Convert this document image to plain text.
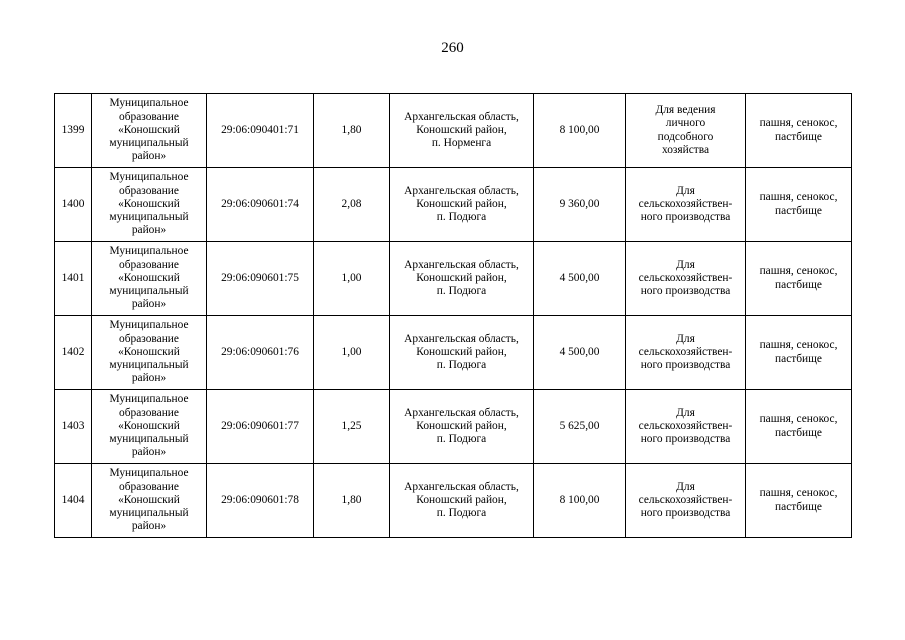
260
1399	Муниципальное
образование
«Коношский
муниципальный
район»	29:06:090401:71	1,80	Архангельская область,
Коношский район,
п. Норменга	8 100,00	Для ведения
личного
подсобного
хозяйства	пашня, сенокос,
пастбище
1400	Муниципальное
образование
«Коношский
муниципальный
район»	29:06:090601:74	2,08	Архангельская область,
Коношский район,
п. Подюга	9 360,00	Для
сельскохозяйствен-
ного производства	пашня, сенокос,
пастбище
1401	Муниципальное
образование
«Коношский
муниципальный
район»	29:06:090601:75	1,00	Архангельская область,
Коношский район,
п. Подюга	4 500,00	Для
сельскохозяйствен-
ного производства	пашня, сенокос,
пастбище
1402	Муниципальное
образование
«Коношский
муниципальный
район»	29:06:090601:76	1,00	Архангельская область,
Коношский район,
п. Подюга	4 500,00	Для
сельскохозяйствен-
ного производства	пашня, сенокос,
пастбище
1403	Муниципальное
образование
«Коношский
муниципальный
район»	29:06:090601:77	1,25	Архангельская область,
Коношский район,
п. Подюга	5 625,00	Для
сельскохозяйствен-
ного производства	пашня, сенокос,
пастбище
1404	Муниципальное
образование
«Коношский
муниципальный
район»	29:06:090601:78	1,80	Архангельская область,
Коношский район,
п. Подюга	8 100,00	Для
сельскохозяйствен-
ного производства	пашня, сенокос,
пастбище
